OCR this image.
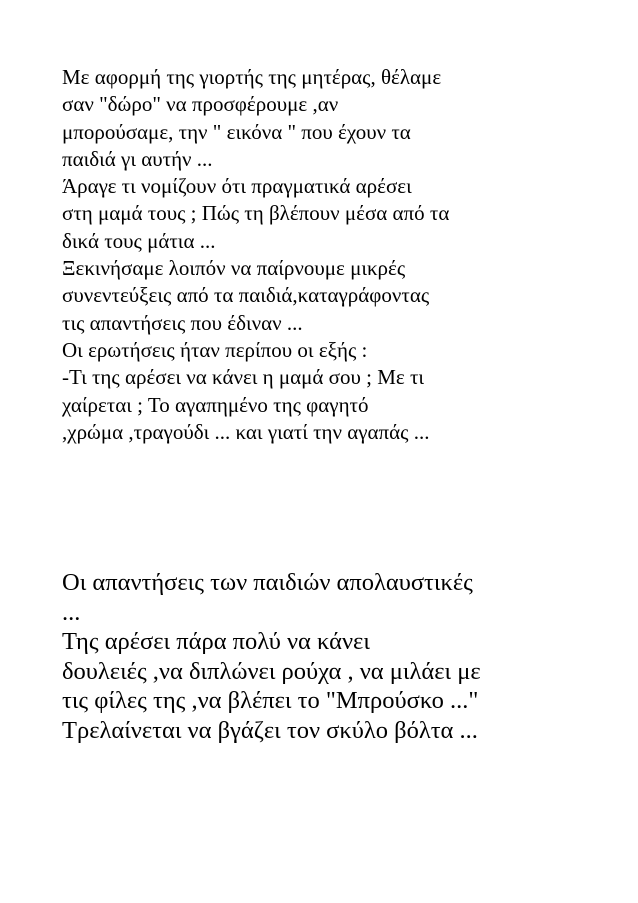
Με αφορμή της γιορτής της μητέρας, θέλαμε
σαν "δώρο" να προσφέρουμε ,αν
μπορούσαμε, την " εικόνα " που έχουν τα
παιδιά γι αυτήν ...
Άραγε τι νομίζουν ότι πραγματικά αρέσει
στη μαμά τους ; Πώς τη βλέπουν μέσα από τα
δικά τους μάτια ...
Ξεκινήσαμε λοιπόν να παίρνουμε μικρές
συνεντεύξεις από τα παιδιά,καταγράφοντας
τις απαντήσεις που έδιναν ...
Οι ερωτήσεις ήταν περίπου οι εξής :
-Τι της αρέσει να κάνει η μαμά σου ; Με τι
χαίρεται ; Το αγαπημένο της φαγητό
,χρώμα ,τραγούδι ... και γιατί την αγαπάς ...
Οι απαντήσεις των παιδιών απολαυστικές
...
Της αρέσει πάρα πολύ να κάνει
δουλειές ,να διπλώνει ρούχα , να μιλάει με
τις φίλες της ,να βλέπει το "Μπρούσκο ..."
Τρελαίνεται να βγάζει τον σκύλο βόλτα ...
